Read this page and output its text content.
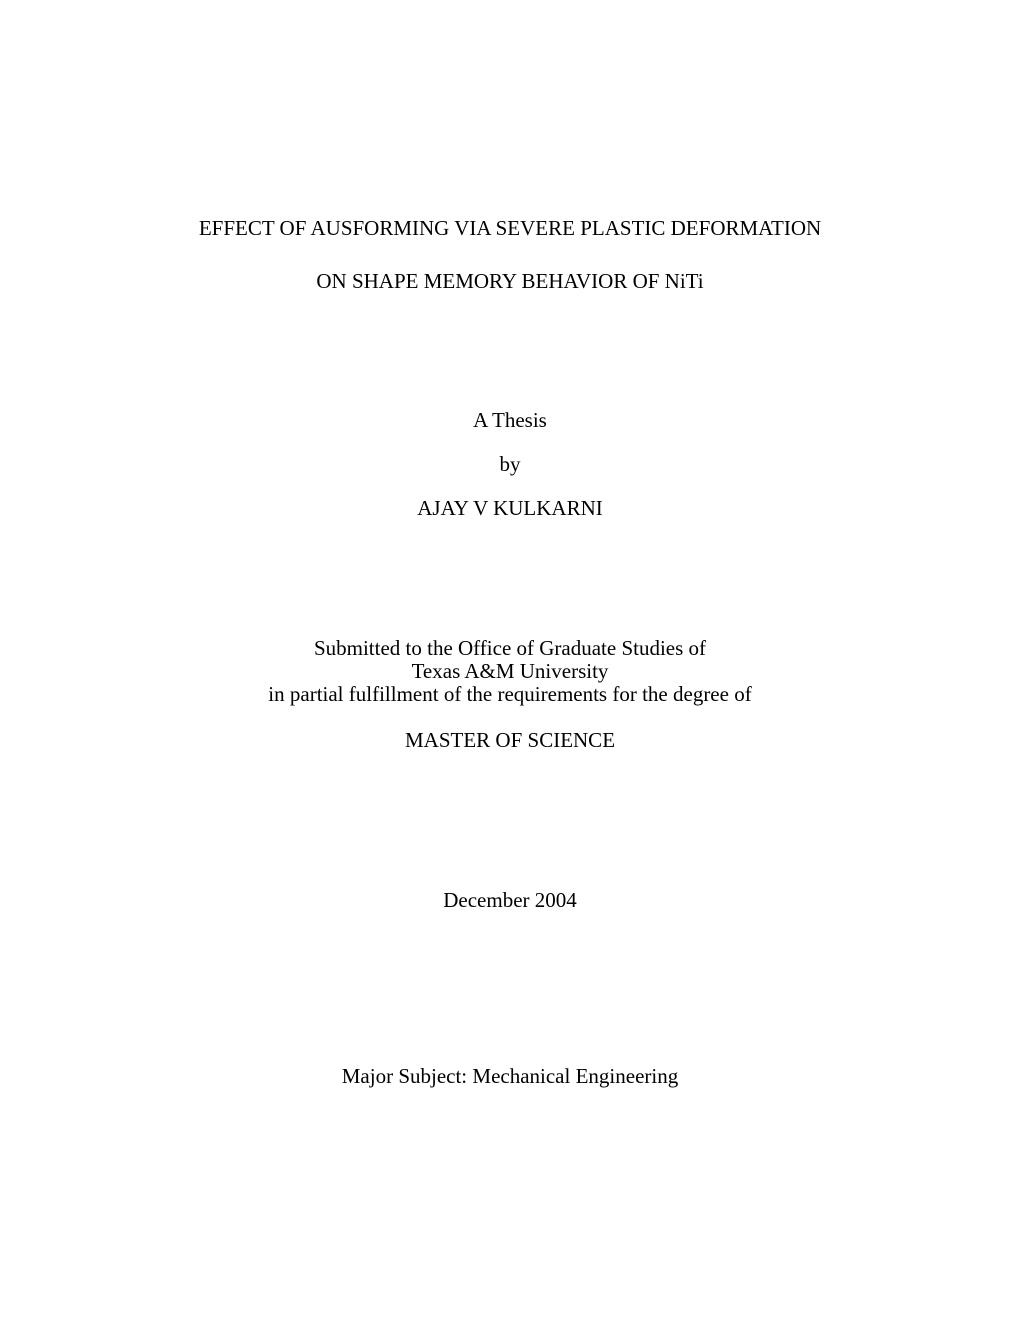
EFFECT OF AUSFORMING VIA SEVERE PLASTIC DEFORMATION
ON SHAPE MEMORY BEHAVIOR OF NiTi
A Thesis
by
AJAY V KULKARNI
Submitted to the Office of Graduate Studies of
Texas A&M University
in partial fulfillment of the requirements for the degree of
MASTER OF SCIENCE
December 2004
Major Subject: Mechanical Engineering
